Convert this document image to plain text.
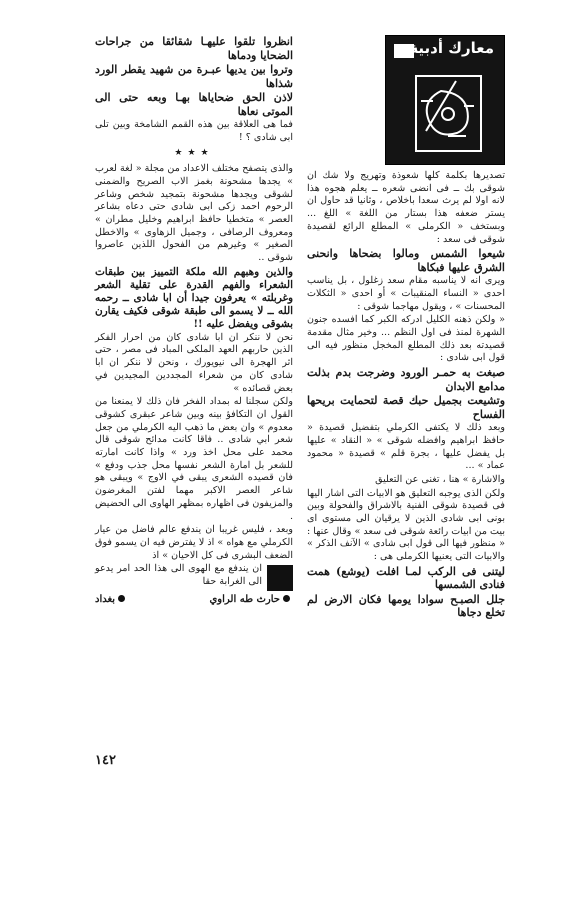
معارك أدبية

تصديرها بكلمة كلها شعوذة وتهريج ولا شك ان شوقى بك ــ فى انضى شعره ــ يعلم هجوه هذا لانه اولا لم يرث سعدا باخلاص ، وثانيا قد حاول ان يستر ضعفه هذا بستار من اللغة » اللغ ... وبستخف « الكرملى » المطلع الرائع لقصيدة شوقى فى سعد :

شيعوا الشمس ومالوا بضحاها وانحنى الشرق عليها فبكاها

ويرى انه لا يناسبه مقام سعد زغلول ، بل يناسب احدى « النساء المنقيبات » أو احدى « الثكلات المحسنات » ، ويقول مهاجما شوقى :

« ولكن ذهنه الكليل ادركه الكبر كما افسده جنون الشهرة لمنذ فى اول النظم ... وخير مثال مقدمة قصيدته بعد ذلك المطلع المخجل منظور فيه الى قول ابى شادى :

صبغت به حمـر الورود وضرجت بدم بذلت مدامع الابدان

وتشيعت بجميل حبك قصة لتحمايت بريحها الفساح

وبعد ذلك لا يكتفى الكرملي بتفضيل قصيدة « حافظ ابراهيم وافضله شوقى » « النقاد » عليها بل يفضل عليها ، بجرة قلم » قصيدة « محمود عماد » ...

والاشارة » هنا ، تغنى عن التعليق

ولكن الذى يوجبه التعليق هو الابيات التى اشار اليها فى قصيدة شوقى الفنية بالاشراق والفحولة وبين بونى ابى شادى الذين لا يرقيان الى مستوى اى بيت من ابيات رائعة شوقى فى سعد » وقال عنها : « منظور فيها الى قول ابى شادى » الآنف الذكر » والابيات التى يعنيها الكرملى هى :

ليتنى فى الركب لمـا افلت (يوشع) همت فنادى الشمسها

جلل الصبـح سوادا يومها فكان الارض لم تخلع دجاها

انظروا تلقوا عليهـا شقائقا من جراحات الضحايا ودماها

وتروا بين يديها عبـرة من شهيد يقطر الورد شذاها

لاذن الحق ضحاياها بهـا وبعه حتى الى الموتى نعاها

فما هى العلاقة بين هذه القمم الشامخة وبين تلى ابى شادى ؟ !

★★★

والذى يتصفح مختلف الاعداد من مجلة « لغة لعرب » يجدها مشحونة بغمز الاب الصريح والضمنى لشوقى ويجدها مشحونة بتمجيد شخص وشاعر الرحوم احمد زكى ابى شادى حتى دعاه بشاعر العصر » متخطيا حافظ ابراهيم وخليل مطران » ومعروف الرصافى ، وجميل الزهاوى » والاخطل الصغير » وغيرهم من الفحول اللذين عاصروا شوقى ..

والذين وهبهم الله ملكة التمييز بين طبقات الشعراء والفهم القدرة على تقلية الشعر وغربلته » يعرفون جيدا أن ابا شادى ــ رحمه الله ــ لا يسمو الى طبقة شوقى فكيف يقارن بشوقى ويفضل عليه !!

نحن لا ننكر ان ابا شادى كان من احرار الفكر الذين حاربهم العهد الملكى المباد فى مصر ، حتى اثر الهجرة الى نيويورك ، ونحن لا ننكر ان ابا شادى كان من شعراء المجددين المجيدين في بعض قصائده »

ولكن سجلنا له بمداد الفخر فان ذلك لا يمنعنا من القول ان التكافؤ بينه وبين شاعر عبقرى كشوقى معدوم » وان بعض ما ذهب اليه الكرملي من جعل شعر ابي شادى .. فاقا كانت مدائح شوقى قال محمد على محل اخذ ورد » واذا كانت امارته للشعر بل امارة الشعر نفسها محل جذب ودفع » فان قصيده الشعرى يبقى في الاوج » ويبقى هو شاعر العصر الاكبر مهما لفتن المغرضون والمزيفون فى اظهاره بمظهر الهاوى الى الحضيض .

وبعد ، فليس غريبا ان يندفع عالم فاضل من عيار الكرملي مع هواه » اذ لا يفترض فيه ان يسمو فوق الضعف البشرى فى كل الاحيان » اذ

ان يندفع مع الهوى الى هذا الحد امر يدعو الى الغرابة حقا

حارث طه الراوي
بغداد
١٤٢
